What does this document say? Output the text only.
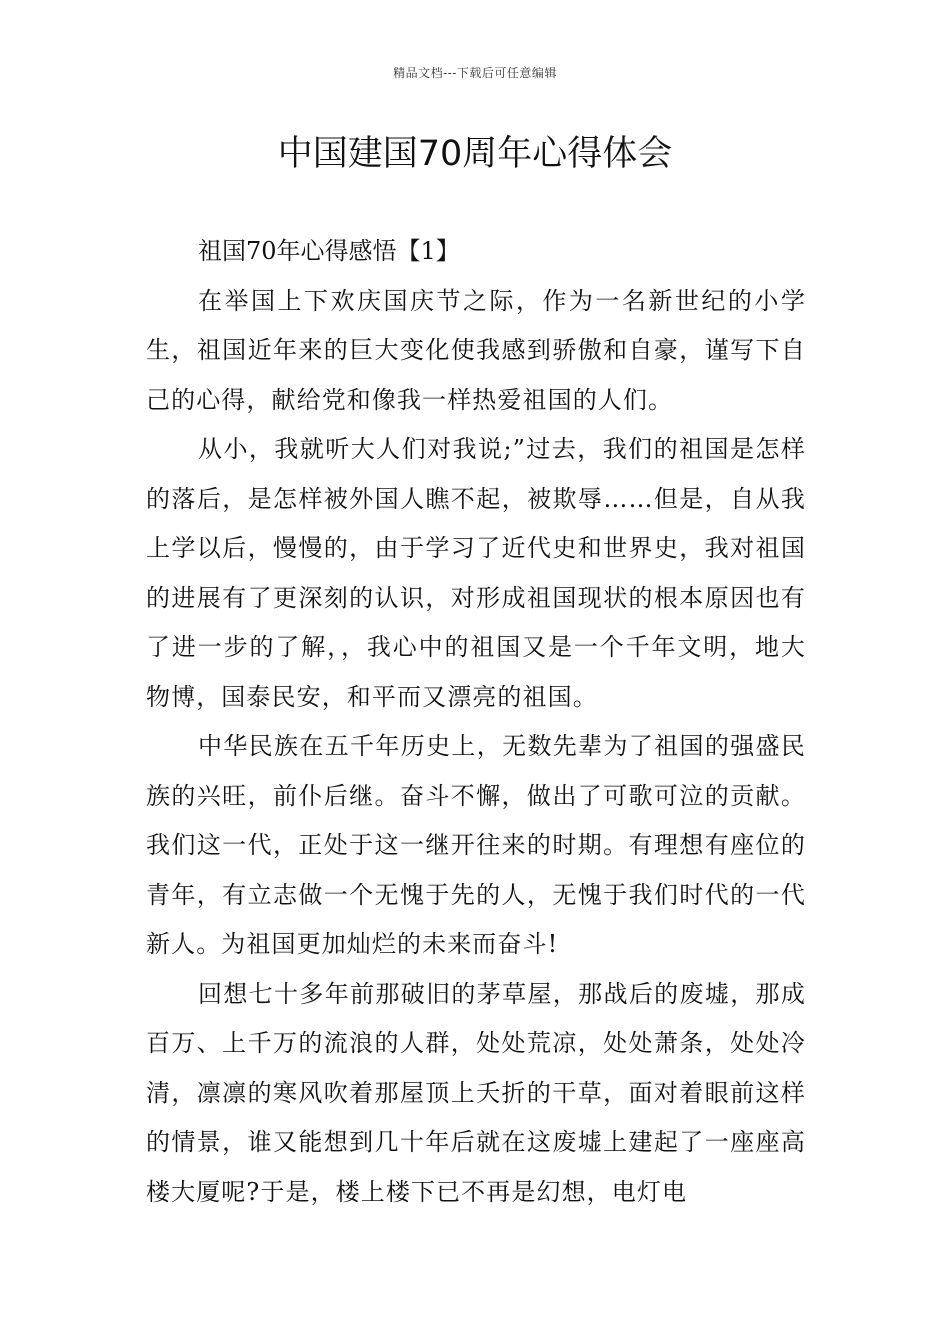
精品文档---下载后可任意编辑
中国建国70周年心得体会

祖国70年心得感悟【1】

在举国上下欢庆国庆节之际，作为一名新世纪的小学生，祖国近年来的巨大变化使我感到骄傲和自豪，谨写下自己的心得，献给党和像我一样热爱祖国的人们。

从小，我就听大人们对我说;”过去，我们的祖国是怎样的落后，是怎样被外国人瞧不起，被欺辱……但是，自从我上学以后，慢慢的，由于学习了近代史和世界史，我对祖国的进展有了更深刻的认识，对形成祖国现状的根本原因也有了进一步的了解，，我心中的祖国又是一个千年文明，地大物博，国泰民安，和平而又漂亮的祖国。

中华民族在五千年历史上，无数先辈为了祖国的强盛民族的兴旺，前仆后继。奋斗不懈，做出了可歌可泣的贡献。我们这一代，正处于这一继开往来的时期。有理想有座位的青年，有立志做一个无愧于先的人，无愧于我们时代的一代新人。为祖国更加灿烂的未来而奋斗!

回想七十多年前那破旧的茅草屋，那战后的废墟，那成百万、上千万的流浪的人群，处处荒凉，处处萧条，处处冷清，凛凛的寒风吹着那屋顶上夭折的干草，面对着眼前这样的情景，谁又能想到几十年后就在这废墟上建起了一座座高楼大厦呢?于是，楼上楼下已不再是幻想，电灯电
